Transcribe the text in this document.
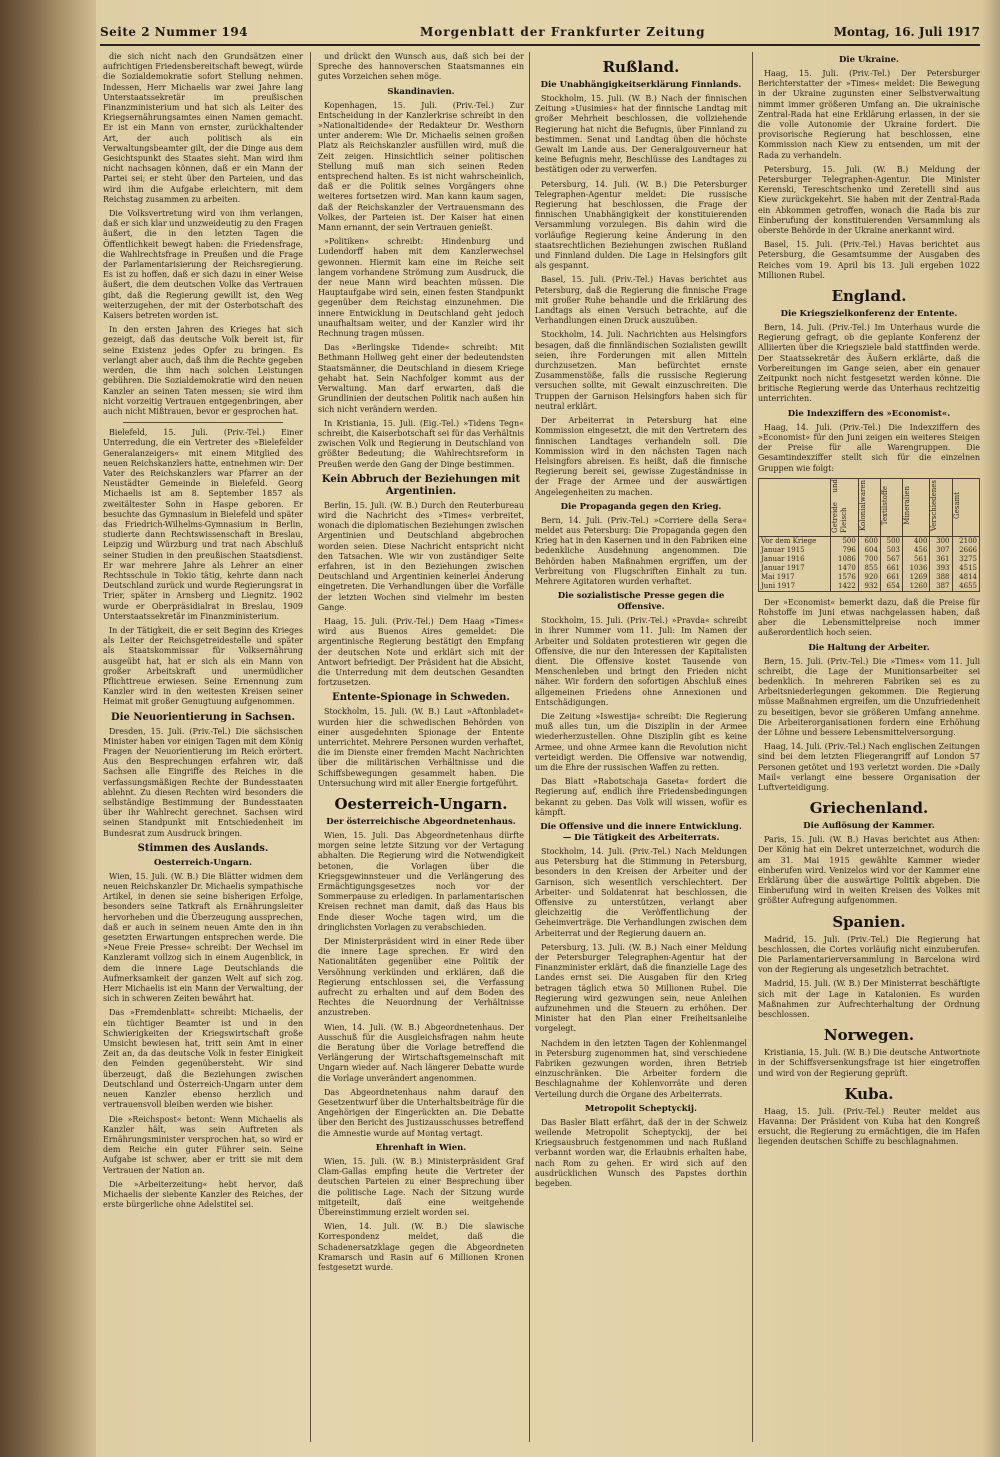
Seite 2 Nummer 194	Morgenblatt der Frankfurter Zeitung	Montag, 16. Juli 1917

die sich nicht nach den Grundsätzen einer aufrichtigen Friedensbereitschaft bewegt, würde die Sozialdemokratie sofort Stellung nehmen. Indessen, Herr Michaelis war zwei Jahre lang Unterstaatssekretär im preußischen Finanzministerium und hat sich als Leiter des Kriegsernährungsamtes einen Namen gemacht. Er ist ein Mann von ernster, zurückhaltender Art, der auch politisch als ein Verwaltungsbeamter gilt, der die Dinge aus dem Gesichtspunkt des Staates sieht. Man wird ihm nicht nachsagen können, daß er ein Mann der Partei sei; er steht über den Parteien, und das wird ihm die Aufgabe erleichtern, mit dem Reichstag zusammen zu arbeiten.

Die Volksvertretung wird von ihm verlangen, daß er sich klar und unzweideutig zu den Fragen äußert, die in den letzten Tagen die Öffentlichkeit bewegt haben: die Friedensfrage, die Wahlrechtsfrage in Preußen und die Frage der Parlamentarisierung der Reichsregierung. Es ist zu hoffen, daß er sich dazu in einer Weise äußert, die dem deutschen Volke das Vertrauen gibt, daß die Regierung gewillt ist, den Weg weiterzugehen, der mit der Osterbotschaft des Kaisers betreten worden ist.

In den ersten Jahren des Krieges hat sich gezeigt, daß das deutsche Volk bereit ist, für seine Existenz jedes Opfer zu bringen. Es verlangt aber auch, daß ihm die Rechte gegeben werden, die ihm nach solchen Leistungen gebühren. Die Sozialdemokratie wird den neuen Kanzler an seinen Taten messen; sie wird ihm nicht vorzeitig Vertrauen entgegenbringen, aber auch nicht Mißtrauen, bevor er gesprochen hat.

Bielefeld, 15. Juli. (Priv.-Tel.) Einer Unterredung, die ein Vertreter des »Bielefelder Generalanzeigers« mit einem Mitglied des neuen Reichskanzlers hatte, entnehmen wir: Der Vater des Reichskanzlers war Pfarrer an der Neustädter Gemeinde in Bielefeld. Georg Michaelis ist am 8. September 1857 als zweitältester Sohn in Haspe geboren. Er besuchte das Gymnasium in Bielefeld und später das Friedrich-Wilhelms-Gymnasium in Berlin, studierte dann Rechtswissenschaft in Breslau, Leipzig und Würzburg und trat nach Abschluß seiner Studien in den preußischen Staatsdienst. Er war mehrere Jahre als Lehrer an einer Rechtsschule in Tokio tätig, kehrte dann nach Deutschland zurück und wurde Regierungsrat in Trier, später in Arnsberg und Liegnitz. 1902 wurde er Oberpräsidialrat in Breslau, 1909 Unterstaatssekretär im Finanzministerium.

In der Tätigkeit, die er seit Beginn des Krieges als Leiter der Reichsgetreidestelle und später als Staatskommissar für Volksernährung ausgeübt hat, hat er sich als ein Mann von großer Arbeitskraft und unermüdlicher Pflichttreue erwiesen. Seine Ernennung zum Kanzler wird in den weitesten Kreisen seiner Heimat mit großer Genugtuung aufgenommen.

Die Neuorientierung in Sachsen.

Dresden, 15. Juli. (Priv.-Tel.) Die sächsischen Minister haben vor einigen Tagen mit dem König Fragen der Neuorientierung im Reich erörtert. Aus den Besprechungen erfahren wir, daß Sachsen alle Eingriffe des Reiches in die verfassungsmäßigen Rechte der Bundesstaaten ablehnt. Zu diesen Rechten wird besonders die selbständige Bestimmung der Bundesstaaten über ihr Wahlrecht gerechnet. Sachsen wird seinen Standpunkt mit Entschiedenheit im Bundesrat zum Ausdruck bringen.

Stimmen des Auslands.
Oesterreich-Ungarn.

Wien, 15. Juli. (W. B.) Die Blätter widmen dem neuen Reichskanzler Dr. Michaelis sympathische Artikel, in denen sie seine bisherigen Erfolge, besonders seine Tatkraft als Ernährungsleiter hervorheben und die Überzeugung aussprechen, daß er auch in seinem neuen Amte den in ihn gesetzten Erwartungen entsprechen werde. Die »Neue Freie Presse« schreibt: Der Wechsel im Kanzleramt vollzog sich in einem Augenblick, in dem die innere Lage Deutschlands die Aufmerksamkeit der ganzen Welt auf sich zog. Herr Michaelis ist ein Mann der Verwaltung, der sich in schweren Zeiten bewährt hat.

Das »Fremdenblatt« schreibt: Michaelis, der ein tüchtiger Beamter ist und in den Schwierigkeiten der Kriegswirtschaft große Umsicht bewiesen hat, tritt sein Amt in einer Zeit an, da das deutsche Volk in fester Einigkeit den Feinden gegenübersteht. Wir sind überzeugt, daß die Beziehungen zwischen Deutschland und Österreich-Ungarn unter dem neuen Kanzler ebenso herzlich und vertrauensvoll bleiben werden wie bisher.

Die »Reichspost« betont: Wenn Michaelis als Kanzler hält, was sein Auftreten als Ernährungsminister versprochen hat, so wird er dem Reiche ein guter Führer sein. Seine Aufgabe ist schwer, aber er tritt sie mit dem Vertrauen der Nation an.

Die »Arbeiterzeitung« hebt hervor, daß Michaelis der siebente Kanzler des Reiches, der erste bürgerliche ohne Adelstitel sei.

und drückt den Wunsch aus, daß sich bei der Spreche des hannoverschen Staatsmannes ein gutes Vorzeichen sehen möge.

Skandinavien.

Kopenhagen, 15. Juli. (Priv.-Tel.) Zur Entscheidung in der Kanzlerkrise schreibt in den »Nationaltidende« der Redakteur Dr. Westhorn unter anderem: Wie Dr. Michaelis seinen großen Platz als Reichskanzler ausfüllen wird, muß die Zeit zeigen. Hinsichtlich seiner politischen Stellung muß man sich seinen Reden entsprechend halten. Es ist nicht wahrscheinlich, daß er die Politik seines Vorgängers ohne weiteres fortsetzen wird. Man kann kaum sagen, daß der Reichskanzler der Vertrauensmann des Volkes, der Parteien ist. Der Kaiser hat einen Mann ernannt, der sein Vertrauen genießt.

»Politiken« schreibt: Hindenburg und Ludendorff haben mit dem Kanzlerwechsel gewonnen. Hiermit kam eine im Reiche seit langem vorhandene Strömung zum Ausdruck, die der neue Mann wird beachten müssen. Die Hauptaufgabe wird sein, einen festen Standpunkt gegenüber dem Reichstag einzunehmen. Die innere Entwicklung in Deutschland geht jedoch unaufhaltsam weiter, und der Kanzler wird ihr Rechnung tragen müssen.

Das »Berlingske Tidende« schreibt: Mit Bethmann Hollweg geht einer der bedeutendsten Staatsmänner, die Deutschland in diesem Kriege gehabt hat. Sein Nachfolger kommt aus der Verwaltung. Man darf erwarten, daß die Grundlinien der deutschen Politik nach außen hin sich nicht verändern werden.

In Kristiania, 15. Juli. (Eig.-Tel.) »Tidens Tegn« schreibt, die Kaiserbotschaft sei für das Verhältnis zwischen Volk und Regierung in Deutschland von größter Bedeutung; die Wahlrechtsreform in Preußen werde den Gang der Dinge bestimmen.

Kein Abbruch der Beziehungen mit Argentinien.

Berlin, 15. Juli. (W. B.) Durch den Reuterbureau wird die Nachricht des »Times« verbreitet, wonach die diplomatischen Beziehungen zwischen Argentinien und Deutschland abgebrochen worden seien. Diese Nachricht entspricht nicht den Tatsachen. Wie wir von zuständiger Seite erfahren, ist in den Beziehungen zwischen Deutschland und Argentinien keinerlei Änderung eingetreten. Die Verhandlungen über die Vorfälle der letzten Wochen sind vielmehr im besten Gange.

Haag, 15. Juli. (Priv.-Tel.) Dem Haag »Times« wird aus Buenos Aires gemeldet: Die argentinische Regierung bestätigt den Empfang der deutschen Note und erklärt sich mit der Antwort befriedigt. Der Präsident hat die Absicht, die Unterredung mit dem deutschen Gesandten fortzusetzen.

Entente-Spionage in Schweden.

Stockholm, 15. Juli. (W. B.) Laut »Aftonbladet« wurden hier die schwedischen Behörden von einer ausgedehnten Spionage der Entente unterrichtet. Mehrere Personen wurden verhaftet, die im Dienste einer fremden Macht Nachrichten über die militärischen Verhältnisse und die Schiffsbewegungen gesammelt haben. Die Untersuchung wird mit aller Energie fortgeführt.

Oesterreich-Ungarn.
Der österreichische Abgeordnetenhaus.

Wien, 15. Juli. Das Abgeordnetenhaus dürfte morgen seine letzte Sitzung vor der Vertagung abhalten. Die Regierung wird die Notwendigkeit betonen, die Vorlagen über die Kriegsgewinnsteuer und die Verlängerung des Ermächtigungsgesetzes noch vor der Sommerpause zu erledigen. In parlamentarischen Kreisen rechnet man damit, daß das Haus bis Ende dieser Woche tagen wird, um die dringlichsten Vorlagen zu verabschieden.

Der Ministerpräsident wird in einer Rede über die innere Lage sprechen. Er wird den Nationalitäten gegenüber eine Politik der Versöhnung verkünden und erklären, daß die Regierung entschlossen sei, die Verfassung aufrecht zu erhalten und auf dem Boden des Rechtes die Neuordnung der Verhältnisse anzustreben.

Wien, 14. Juli. (W. B.) Abgeordnetenhaus. Der Ausschuß für die Ausgleichsfragen nahm heute die Beratung über die Vorlage betreffend die Verlängerung der Wirtschaftsgemeinschaft mit Ungarn wieder auf. Nach längerer Debatte wurde die Vorlage unverändert angenommen.

Das Abgeordnetenhaus nahm darauf den Gesetzentwurf über die Unterhaltsbeiträge für die Angehörigen der Eingerückten an. Die Debatte über den Bericht des Justizausschusses betreffend die Amnestie wurde auf Montag vertagt.

Ehrenhaft in Wien.

Wien, 15. Juli. (W. B.) Ministerpräsident Graf Clam-Gallas empfing heute die Vertreter der deutschen Parteien zu einer Besprechung über die politische Lage. Nach der Sitzung wurde mitgeteilt, daß eine weitgehende Übereinstimmung erzielt worden sei.

Wien, 14. Juli. (W. B.) Die slawische Korrespondenz meldet, daß die Schadenersatzklage gegen die Abgeordneten Kramarsch und Rasin auf 6 Millionen Kronen festgesetzt wurde.

Rußland.
Die Unabhängigkeitserklärung Finnlands.

Stockholm, 15. Juli. (W. B.) Nach der finnischen Zeitung »Uusimies« hat der finnische Landtag mit großer Mehrheit beschlossen, die vollziehende Regierung hat nicht die Befugnis, über Finnland zu bestimmen. Senat und Landtag üben die höchste Gewalt im Lande aus. Der Generalgouverneur hat keine Befugnis mehr, Beschlüsse des Landtages zu bestätigen oder zu verwerfen.

Petersburg, 14. Juli. (W. B.) Die Petersburger Telegraphen-Agentur meldet: Die russische Regierung hat beschlossen, die Frage der finnischen Unabhängigkeit der konstituierenden Versammlung vorzulegen. Bis dahin wird die vorläufige Regierung keine Änderung in den staatsrechtlichen Beziehungen zwischen Rußland und Finnland dulden. Die Lage in Helsingfors gilt als gespannt.

Basel, 15. Juli. (Priv.-Tel.) Havas berichtet aus Petersburg, daß die Regierung die finnische Frage mit großer Ruhe behandle und die Erklärung des Landtags als einen Versuch betrachte, auf die Verhandlungen einen Druck auszuüben.

Stockholm, 14. Juli. Nachrichten aus Helsingfors besagen, daß die finnländischen Sozialisten gewillt seien, ihre Forderungen mit allen Mitteln durchzusetzen. Man befürchtet ernste Zusammenstöße, falls die russische Regierung versuchen sollte, mit Gewalt einzuschreiten. Die Truppen der Garnison Helsingfors haben sich für neutral erklärt.

Der Arbeiterrat in Petersburg hat eine Kommission eingesetzt, die mit den Vertretern des finnischen Landtages verhandeln soll. Die Kommission wird in den nächsten Tagen nach Helsingfors abreisen. Es heißt, daß die finnische Regierung bereit sei, gewisse Zugeständnisse in der Frage der Armee und der auswärtigen Angelegenheiten zu machen.

Die Propaganda gegen den Krieg.

Bern, 14. Juli. (Priv.-Tel.) »Corriere della Sera« meldet aus Petersburg: Die Propaganda gegen den Krieg hat in den Kasernen und in den Fabriken eine bedenkliche Ausdehnung angenommen. Die Behörden haben Maßnahmen ergriffen, um der Verbreitung von Flugschriften Einhalt zu tun. Mehrere Agitatoren wurden verhaftet.

Die sozialistische Presse gegen die Offensive.

Stockholm, 15. Juli. (Priv.-Tel.) »Pravda« schreibt in ihrer Nummer vom 11. Juli: Im Namen der Arbeiter und Soldaten protestieren wir gegen die Offensive, die nur den Interessen der Kapitalisten dient. Die Offensive kostet Tausende von Menschenleben und bringt den Frieden nicht näher. Wir fordern den sofortigen Abschluß eines allgemeinen Friedens ohne Annexionen und Entschädigungen.

Die Zeitung »Iswestija« schreibt: Die Regierung muß alles tun, um die Disziplin in der Armee wiederherzustellen. Ohne Disziplin gibt es keine Armee, und ohne Armee kann die Revolution nicht verteidigt werden. Die Offensive war notwendig, um die Ehre der russischen Waffen zu retten.

Das Blatt »Rabotschaja Gaseta« fordert die Regierung auf, endlich ihre Friedensbedingungen bekannt zu geben. Das Volk will wissen, wofür es kämpft.

Die Offensive und die innere Entwicklung. — Die Tätigkeit des Arbeiterrats.

Stockholm, 14. Juli. (Priv.-Tel.) Nach Meldungen aus Petersburg hat die Stimmung in Petersburg, besonders in den Kreisen der Arbeiter und der Garnison, sich wesentlich verschlechtert. Der Arbeiter- und Soldatenrat hat beschlossen, die Offensive zu unterstützen, verlangt aber gleichzeitig die Veröffentlichung der Geheimverträge. Die Verhandlungen zwischen dem Arbeiterrat und der Regierung dauern an.

Petersburg, 13. Juli. (W. B.) Nach einer Meldung der Petersburger Telegraphen-Agentur hat der Finanzminister erklärt, daß die finanzielle Lage des Landes ernst sei. Die Ausgaben für den Krieg betragen täglich etwa 50 Millionen Rubel. Die Regierung wird gezwungen sein, neue Anleihen aufzunehmen und die Steuern zu erhöhen. Der Minister hat den Plan einer Freiheitsanleihe vorgelegt.

Nachdem in den letzten Tagen der Kohlenmangel in Petersburg zugenommen hat, sind verschiedene Fabriken gezwungen worden, ihren Betrieb einzuschränken. Die Arbeiter fordern die Beschlagnahme der Kohlenvorräte und deren Verteilung durch die Organe des Arbeiterrats.

Metropolit Scheptyckij.

Das Basler Blatt erfährt, daß der in der Schweiz weilende Metropolit Scheptyckij, der bei Kriegsausbruch festgenommen und nach Rußland verbannt worden war, die Erlaubnis erhalten habe, nach Rom zu gehen. Er wird sich auf den ausdrücklichen Wunsch des Papstes dorthin begeben.

Die Ukraine.

Haag, 15. Juli. (Priv.-Tel.) Der Petersburger Berichterstatter der »Times« meldet: Die Bewegung in der Ukraine zugunsten einer Selbstverwaltung nimmt immer größeren Umfang an. Die ukrainische Zentral-Rada hat eine Erklärung erlassen, in der sie die volle Autonomie der Ukraine fordert. Die provisorische Regierung hat beschlossen, eine Kommission nach Kiew zu entsenden, um mit der Rada zu verhandeln.

Petersburg, 15. Juli. (W. B.) Meldung der Petersburger Telegraphen-Agentur. Die Minister Kerenski, Tereschtschenko und Zeretelli sind aus Kiew zurückgekehrt. Sie haben mit der Zentral-Rada ein Abkommen getroffen, wonach die Rada bis zur Einberufung der konstituierenden Versammlung als oberste Behörde in der Ukraine anerkannt wird.

Basel, 15. Juli. (Priv.-Tel.) Havas berichtet aus Petersburg, die Gesamtsumme der Ausgaben des Reiches vom 19. April bis 13. Juli ergeben 1022 Millionen Rubel.

England.
Die Kriegszielkonferenz der Entente.

Bern, 14. Juli. (Priv.-Tel.) Im Unterhaus wurde die Regierung gefragt, ob die geplante Konferenz der Alliierten über die Kriegsziele bald stattfinden werde. Der Staatssekretär des Äußern erklärte, daß die Vorbereitungen im Gange seien, aber ein genauer Zeitpunkt noch nicht festgesetzt werden könne. Die britische Regierung werde das Unterhaus rechtzeitig unterrichten.

Die Indexziffern des »Economist«.

Haag, 14. Juli. (Priv.-Tel.) Die Indexziffern des »Economist« für den Juni zeigen ein weiteres Steigen der Preise für alle Warengruppen. Die Gesamtindexziffer stellt sich für die einzelnen Gruppen wie folgt:

	Getreide und Fleisch	Kolonialwaren	Textilstoffe	Mineralien	Verschiedenes	Gesamt
Vor dem Kriege	500	600	500	400	300	2100
Januar 1915	796	604	503	456	307	2666
Januar 1916	1086	700	567	561	361	3275
Januar 1917	1470	855	661	1036	393	4515
Mai 1917	1576	920	661	1269	388	4814
Juni 1917	1422	932	654	1260	387	4655

Der »Economist« bemerkt dazu, daß die Preise für Rohstoffe im Juni etwas nachgelassen haben, daß aber die Lebensmittelpreise noch immer außerordentlich hoch seien.

Die Haltung der Arbeiter.

Bern, 15. Juli. (Priv.-Tel.) Die »Times« vom 11. Juli schreibt, die Lage der Munitionsarbeiter sei bedenklich. In mehreren Fabriken sei es zu Arbeitsniederlegungen gekommen. Die Regierung müsse Maßnahmen ergreifen, um die Unzufriedenheit zu beseitigen, bevor sie größeren Umfang annehme. Die Arbeiterorganisationen fordern eine Erhöhung der Löhne und bessere Lebensmittelversorgung.

Haag, 14. Juli. (Priv.-Tel.) Nach englischen Zeitungen sind bei dem letzten Fliegerangriff auf London 57 Personen getötet und 193 verletzt worden. Die »Daily Mail« verlangt eine bessere Organisation der Luftverteidigung.

Griechenland.
Die Auflösung der Kammer.

Paris, 15. Juli. (W. B.) Havas berichtet aus Athen: Der König hat ein Dekret unterzeichnet, wodurch die am 31. Mai 1915 gewählte Kammer wieder einberufen wird. Venizelos wird vor der Kammer eine Erklärung über die auswärtige Politik abgeben. Die Einberufung wird in weiten Kreisen des Volkes mit größter Aufregung aufgenommen.

Spanien.

Madrid, 15. Juli. (Priv.-Tel.) Die Regierung hat beschlossen, die Cortes vorläufig nicht einzuberufen. Die Parlamentarierversammlung in Barcelona wird von der Regierung als ungesetzlich betrachtet.

Madrid, 15. Juli. (W. B.) Der Ministerrat beschäftigte sich mit der Lage in Katalonien. Es wurden Maßnahmen zur Aufrechterhaltung der Ordnung beschlossen.

Norwegen.

Kristiania, 15. Juli. (W. B.) Die deutsche Antwortnote in der Schiffsversenkungsfrage ist hier eingetroffen und wird von der Regierung geprüft.

Kuba.

Haag, 15. Juli. (Priv.-Tel.) Reuter meldet aus Havanna: Der Präsident von Kuba hat den Kongreß ersucht, die Regierung zu ermächtigen, die im Hafen liegenden deutschen Schiffe zu beschlagnahmen.
